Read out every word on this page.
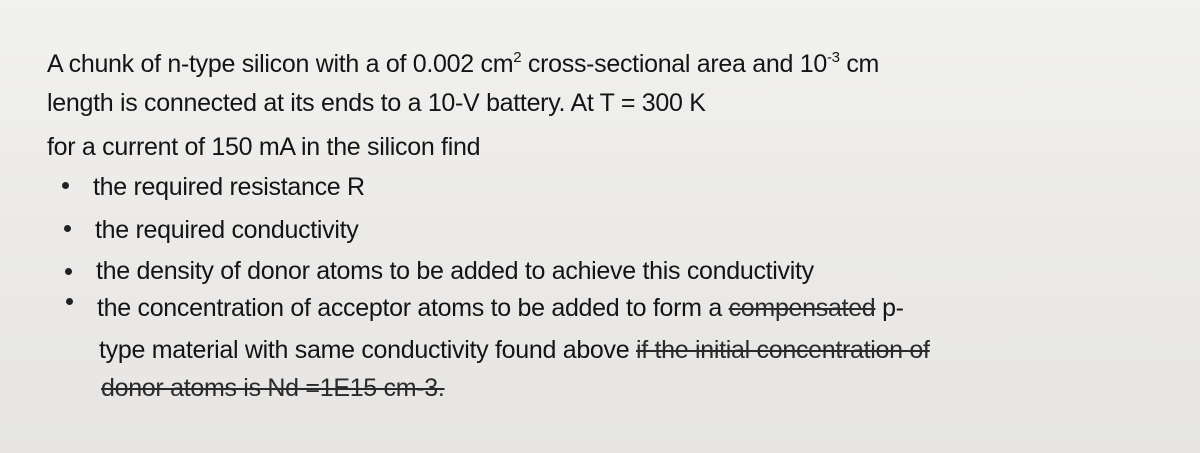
A chunk of n-type silicon with a of 0.002 $cm^2$ cross-sectional area and $10^{-3}$ cm
length is connected at its ends to a 10-V battery. At T = 300 K
for a current of 150 mA in the silicon find
the required resistance R
the required conductivity
the density of donor atoms to be added to achieve this conductivity
the concentration of acceptor atoms to be added to form a compensated p-
type material with same conductivity found above if the initial concentration of
donor atoms is Nd =1E15 cm-3.
